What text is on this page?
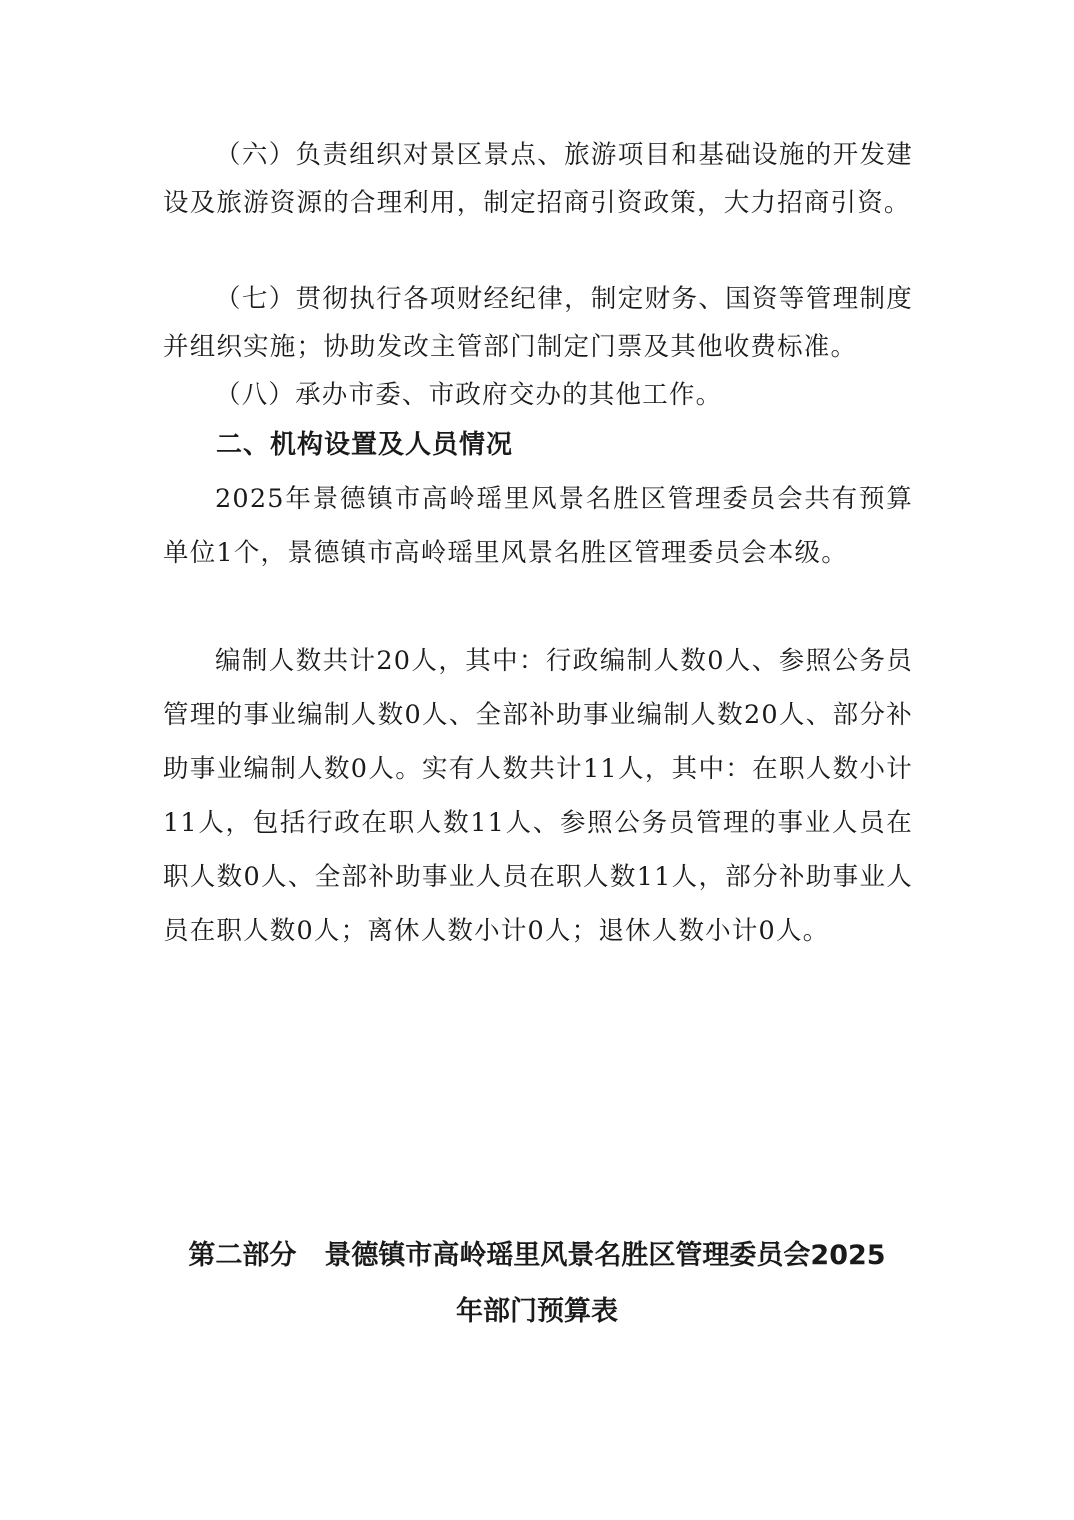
（六）负责组织对景区景点、旅游项目和基础设施的开发建设及旅游资源的合理利用，制定招商引资政策，大力招商引资。

（七）贯彻执行各项财经纪律，制定财务、国资等管理制度并组织实施；协助发改主管部门制定门票及其他收费标准。

（八）承办市委、市政府交办的其他工作。

二、机构设置及人员情况

2025年景德镇市高岭瑶里风景名胜区管理委员会共有预算单位1个，景德镇市高岭瑶里风景名胜区管理委员会本级。

编制人数共计20人，其中：行政编制人数0人、参照公务员管理的事业编制人数0人、全部补助事业编制人数20人、部分补助事业编制人数0人。实有人数共计11人，其中：在职人数小计11人，包括行政在职人数11人、参照公务员管理的事业人员在职人数0人、全部补助事业人员在职人数11人，部分补助事业人员在职人数0人；离休人数小计0人；退休人数小计0人。

第二部分 景德镇市高岭瑶里风景名胜区管理委员会2025
年部门预算表
